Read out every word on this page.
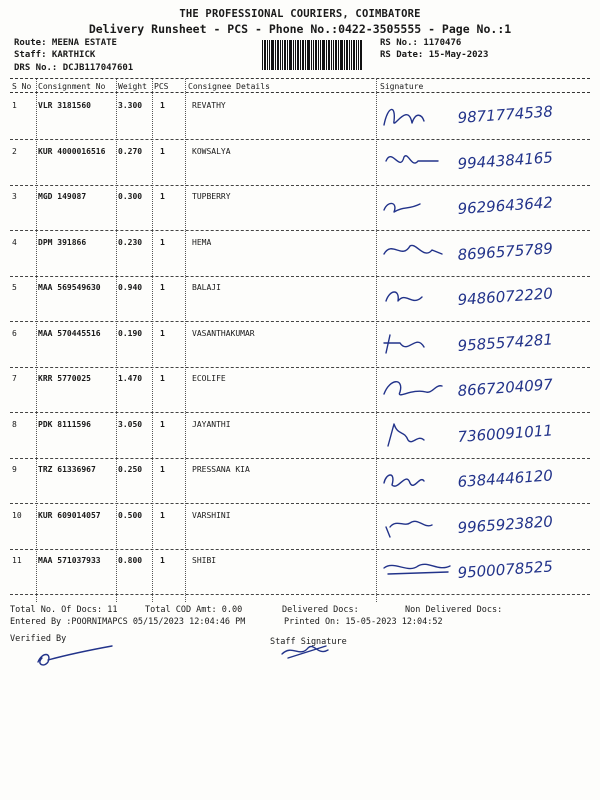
THE PROFESSIONAL COURIERS, COIMBATORE
Delivery Runsheet - PCS - Phone No.:0422-3505555 - Page No.:1
Route: MEENA ESTATE
Staff: KARTHICK
DRS No.: DCJB117047601
RS No.: 1170476
RS Date: 15-May-2023
S No Consignment No Weight PCS Consignee Details	Signature
1	VLR 3181560	3.300 1	REVATHY	9871774538
2	KUR 4000016516 0.270 1	KOWSALYA	9944384165
3	MGD 149087	0.300 1	TUPBERRY	9629643642
4	DPM 391866	0.230 1	HEMA	8696575789
5	MAA 569549630 0.940 1	BALAJI	9486072220
6	MAA 570445516 0.190 1	VASANTHAKUMAR	9585574281
7	KRR 5770025	1.470 1	ECOLIFE	8667204097
8	PDK 8111596	3.050 1	JAYANTHI	7360091011
9	TRZ 61336967	0.250 1	PRESSANA KIA	6384446120
10 KUR 609014057 0.500 1	VARSHINI	9965923820
11 MAA 571037933 0.800 1	SHIBI	9500078525
Total No. Of Docs: 11	Total COD Amt: 0.00	Delivered Docs:	Non Delivered Docs:
Entered By :POORNIMAPCS 05/15/2023 12:04:46 PM	Printed On: 15-05-2023 12:04:52
Verified By	Staff Signature
